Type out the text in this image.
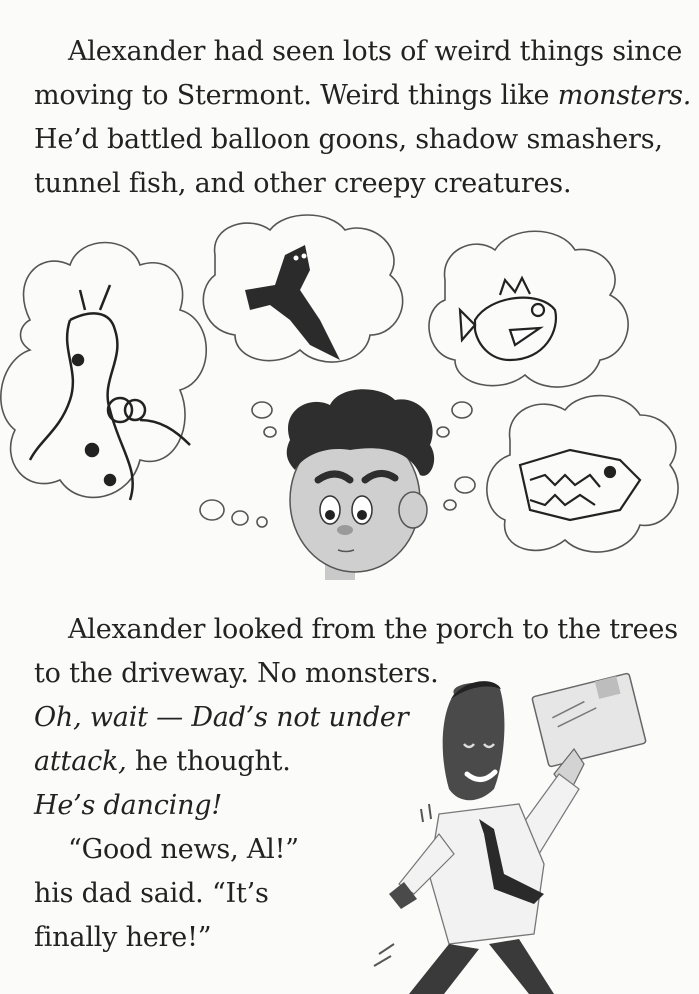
Alexander had seen lots of weird things since
moving to Stermont. Weird things like monsters.
He’d battled balloon goons, shadow smashers,
tunnel fish, and other creepy creatures.
Alexander looked from the porch to the trees
to the driveway. No monsters.
Oh, wait — Dad’s not under
attack, he thought.
He’s dancing!
“Good news, Al!”
his dad said. “It’s
finally here!”
